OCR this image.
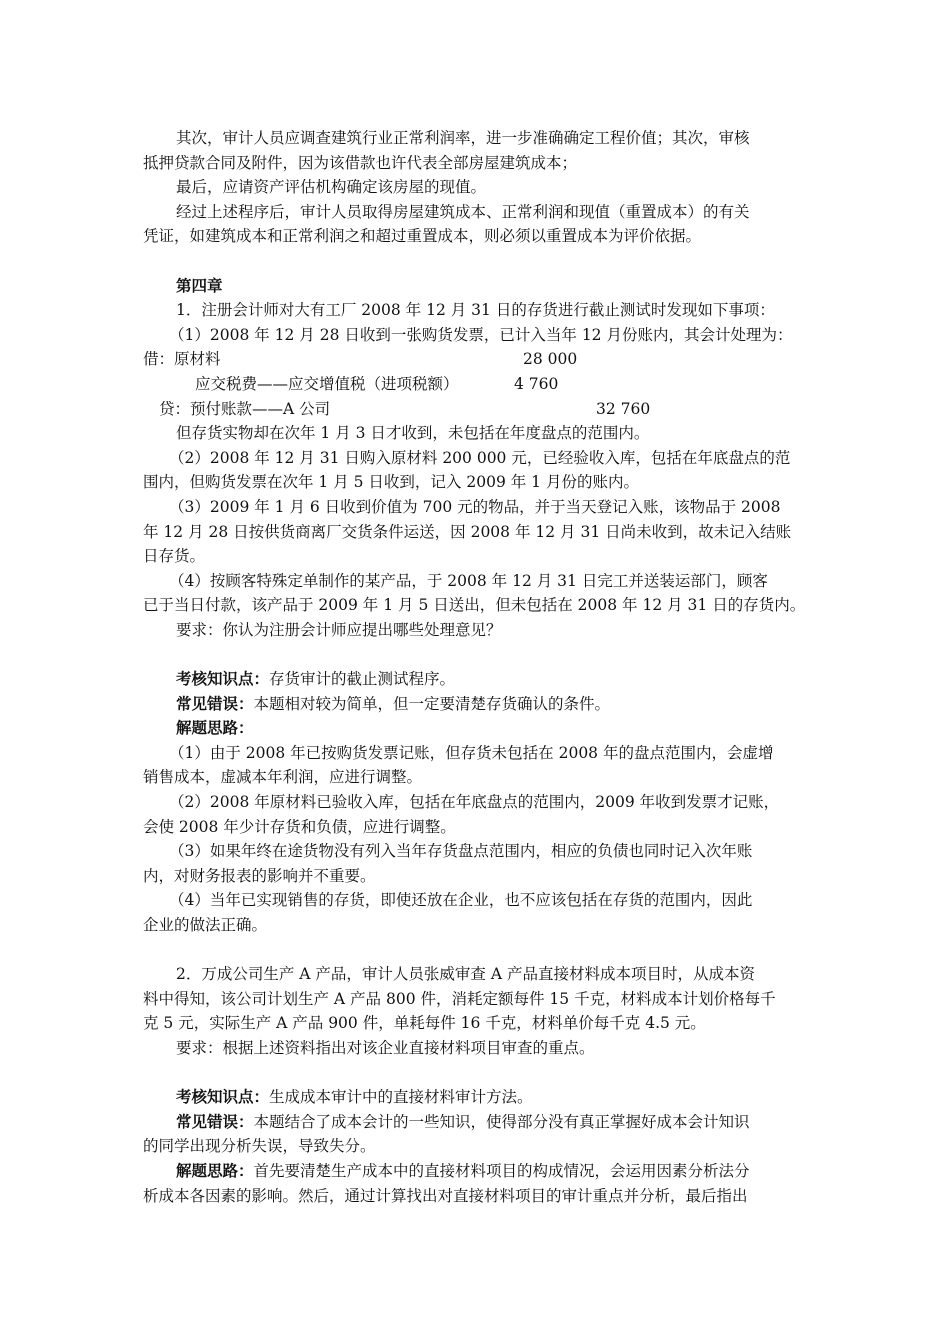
其次，审计人员应调查建筑行业正常利润率，进一步准确确定工程价值；其次，审核
抵押贷款合同及附件，因为该借款也许代表全部房屋建筑成本；
最后，应请资产评估机构确定该房屋的现值。
经过上述程序后，审计人员取得房屋建筑成本、正常利润和现值（重置成本）的有关
凭证，如建筑成本和正常利润之和超过重置成本，则必须以重置成本为评价依据。
第四章
1．注册会计师对大有工厂 2008 年 12 月 31 日的存货进行截止测试时发现如下事项：
（1）2008 年 12 月 28 日收到一张购货发票，已计入当年 12 月份账内，其会计处理为：
借：原材料	28 000
应交税费——应交增值税（进项税额）	4 760
贷：预付账款——A 公司	32 760
但存货实物却在次年 1 月 3 日才收到，未包括在年度盘点的范围内。
（2）2008 年 12 月 31 日购入原材料 200 000 元，已经验收入库，包括在年底盘点的范
围内，但购货发票在次年 1 月 5 日收到，记入 2009 年 1 月份的账内。
（3）2009 年 1 月 6 日收到价值为 700 元的物品，并于当天登记入账，该物品于 2008
年 12 月 28 日按供货商离厂交货条件运送，因 2008 年 12 月 31 日尚未收到，故未记入结账
日存货。
（4）按顾客特殊定单制作的某产品，于 2008 年 12 月 31 日完工并送装运部门，顾客
已于当日付款，该产品于 2009 年 1 月 5 日送出，但未包括在 2008 年 12 月 31 日的存货内。
要求：你认为注册会计师应提出哪些处理意见？
考核知识点：存货审计的截止测试程序。
常见错误：本题相对较为简单，但一定要清楚存货确认的条件。
解题思路：
（1）由于 2008 年已按购货发票记账，但存货未包括在 2008 年的盘点范围内，会虚增
销售成本，虚减本年利润，应进行调整。
（2）2008 年原材料已验收入库，包括在年底盘点的范围内，2009 年收到发票才记账，
会使 2008 年少计存货和负债，应进行调整。
（3）如果年终在途货物没有列入当年存货盘点范围内，相应的负债也同时记入次年账
内，对财务报表的影响并不重要。
（4）当年已实现销售的存货，即使还放在企业，也不应该包括在存货的范围内，因此
企业的做法正确。
2．万成公司生产 A 产品，审计人员张威审查 A 产品直接材料成本项目时，从成本资
料中得知，该公司计划生产 A 产品 800 件，消耗定额每件 15 千克，材料成本计划价格每千
克 5 元，实际生产 A 产品 900 件，单耗每件 16 千克，材料单价每千克 4.5 元。
要求：根据上述资料指出对该企业直接材料项目审查的重点。
考核知识点：生成成本审计中的直接材料审计方法。
常见错误：本题结合了成本会计的一些知识，使得部分没有真正掌握好成本会计知识
的同学出现分析失误，导致失分。
解题思路：首先要清楚生产成本中的直接材料项目的构成情况，会运用因素分析法分
析成本各因素的影响。然后，通过计算找出对直接材料项目的审计重点并分析，最后指出
